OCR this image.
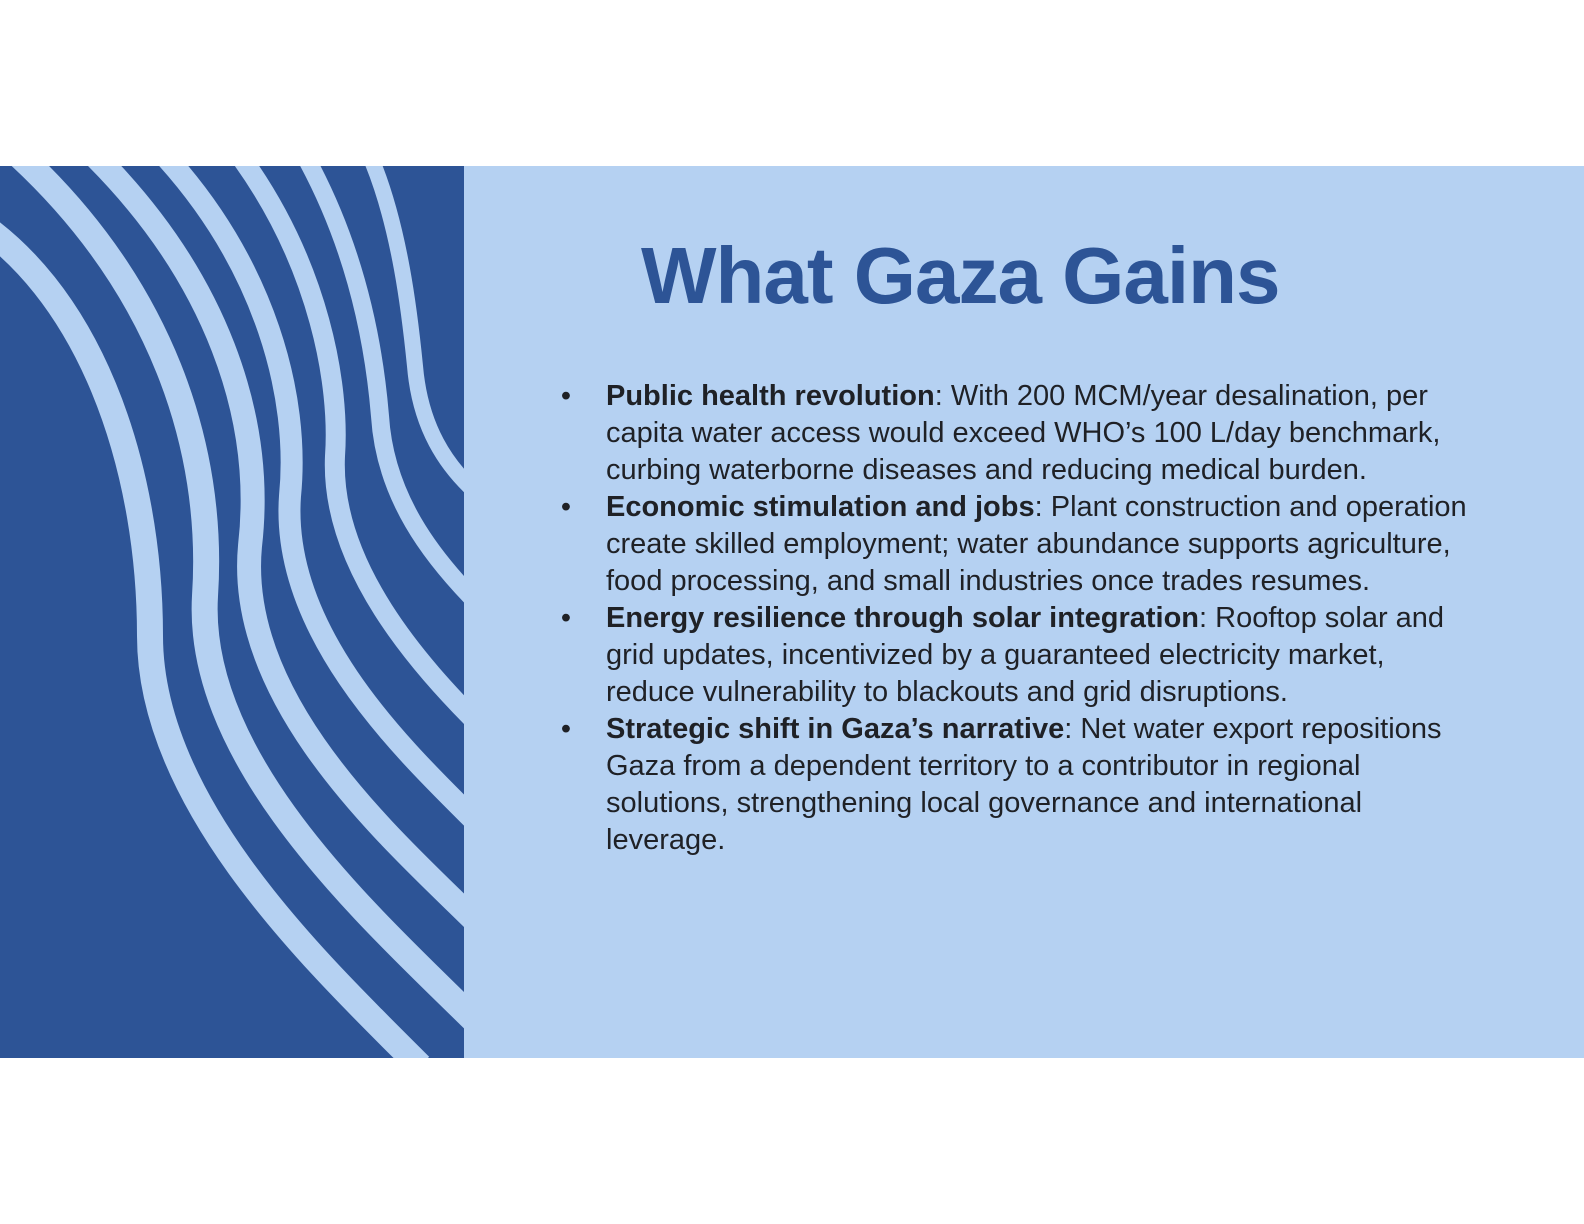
What Gaza Gains
• Public health revolution: With 200 MCM/year desalination, per capita water access would exceed WHO’s 100 L/day benchmark, curbing waterborne diseases and reducing medical burden.
• Economic stimulation and jobs: Plant construction and operation create skilled employment; water abundance supports agriculture, food processing, and small industries once trades resumes.
• Energy resilience through solar integration: Rooftop solar and grid updates, incentivized by a guaranteed electricity market, reduce vulnerability to blackouts and grid disruptions.
• Strategic shift in Gaza’s narrative: Net water export repositions Gaza from a dependent territory to a contributor in regional solutions, strengthening local governance and international leverage.
